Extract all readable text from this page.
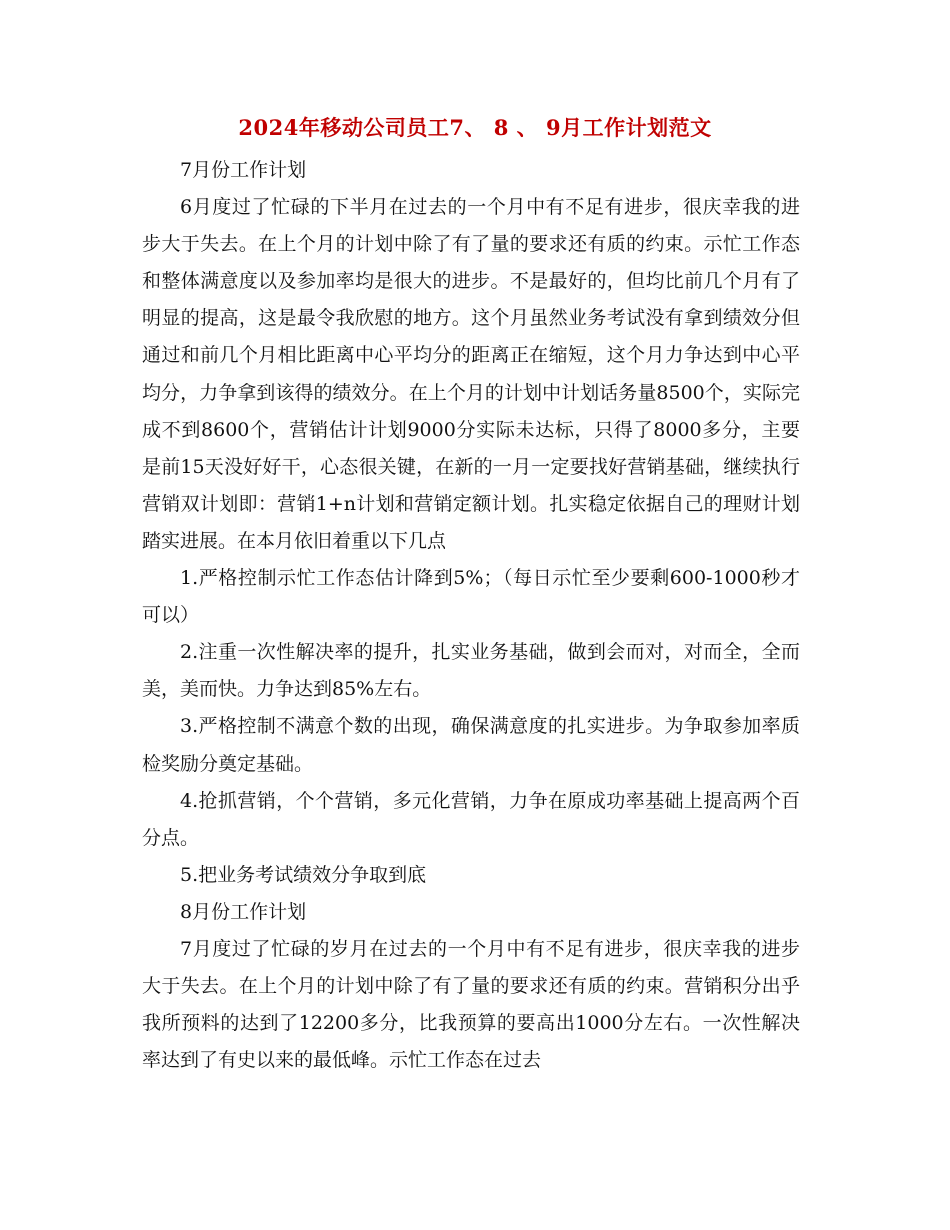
2024年移动公司员工7、 8 、 9月工作计划范文

7月份工作计划

6月度过了忙碌的下半月在过去的一个月中有不足有进步，很庆幸我的进步大于失去。在上个月的计划中除了有了量的要求还有质的约束。示忙工作态和整体满意度以及参加率均是很大的进步。不是最好的，但均比前几个月有了明显的提高，这是最令我欣慰的地方。这个月虽然业务考试没有拿到绩效分但通过和前几个月相比距离中心平均分的距离正在缩短，这个月力争达到中心平均分，力争拿到该得的绩效分。在上个月的计划中计划话务量8500个，实际完成不到8600个，营销估计计划9000分实际未达标，只得了8000多分，主要是前15天没好好干，心态很关键，在新的一月一定要找好营销基础，继续执行营销双计划即：营销1+n计划和营销定额计划。扎实稳定依据自己的理财计划踏实进展。在本月依旧着重以下几点

1.严格控制示忙工作态估计降到5%；（每日示忙至少要剩600-1000秒才可以）

2.注重一次性解决率的提升，扎实业务基础，做到会而对，对而全，全而美，美而快。力争达到85%左右。

3.严格控制不满意个数的出现，确保满意度的扎实进步。为争取参加率质检奖励分奠定基础。

4.抢抓营销，个个营销，多元化营销，力争在原成功率基础上提高两个百分点。

5.把业务考试绩效分争取到底

8月份工作计划

7月度过了忙碌的岁月在过去的一个月中有不足有进步，很庆幸我的进步大于失去。在上个月的计划中除了有了量的要求还有质的约束。营销积分出乎我所预料的达到了12200多分，比我预算的要高出1000分左右。一次性解决率达到了有史以来的最低峰。示忙工作态在过去
